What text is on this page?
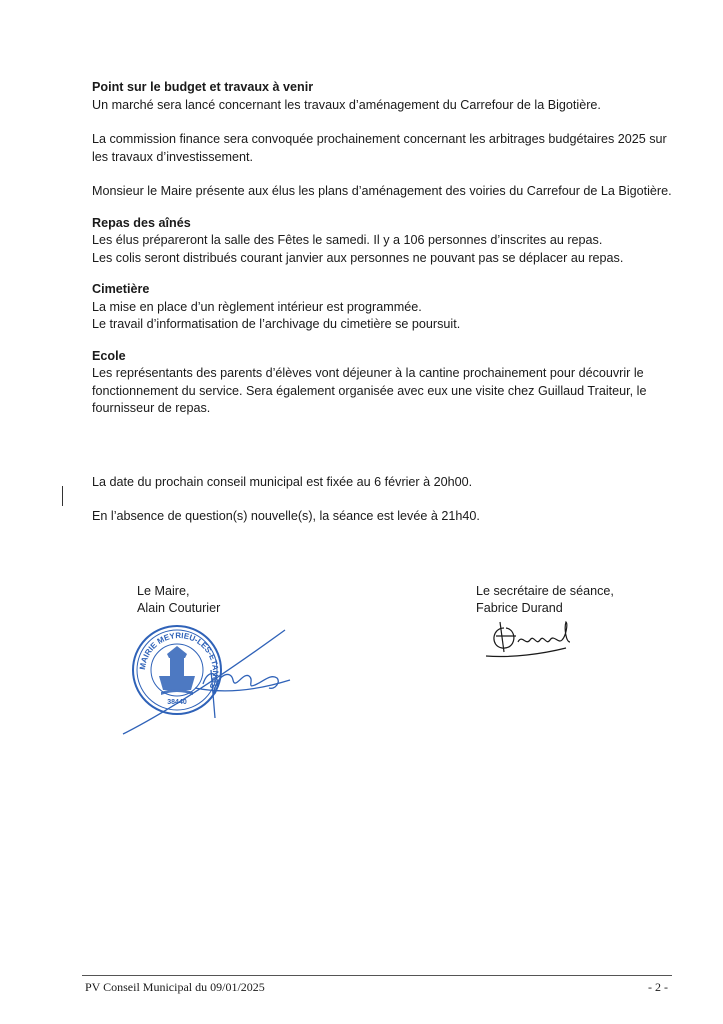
Point sur le budget et travaux à venir

Un marché sera lancé concernant les travaux d’aménagement du Carrefour de la Bigotière.

La commission finance sera convoquée prochainement concernant les arbitrages budgétaires 2025 sur les travaux d’investissement.

Monsieur le Maire présente aux élus les plans d’aménagement des voiries du Carrefour de La Bigotière.

Repas des aînés

Les élus prépareront la salle des Fêtes le samedi. Il y a 106 personnes d’inscrites au repas.

Les colis seront distribués courant janvier aux personnes ne pouvant pas se déplacer au repas.

Cimetière

La mise en place d’un règlement intérieur est programmée.

Le travail d’informatisation de l’archivage du cimetière se poursuit.

Ecole

Les représentants des parents d’élèves vont déjeuner à la cantine prochainement pour découvrir le fonctionnement du service. Sera également organisée avec eux une visite chez Guillaud Traiteur, le fournisseur de repas.

La date du prochain conseil municipal est fixée au 6 février à 20h00.

En l’absence de question(s) nouvelle(s), la séance est levée à 21h40.

Le Maire,

Alain Couturier

Le secrétaire de séance,

Fabrice Durand

MAIRIE MEYRIEU-LES-ETANGS
38440
PV Conseil Municipal du 09/01/2025	- 2 -
